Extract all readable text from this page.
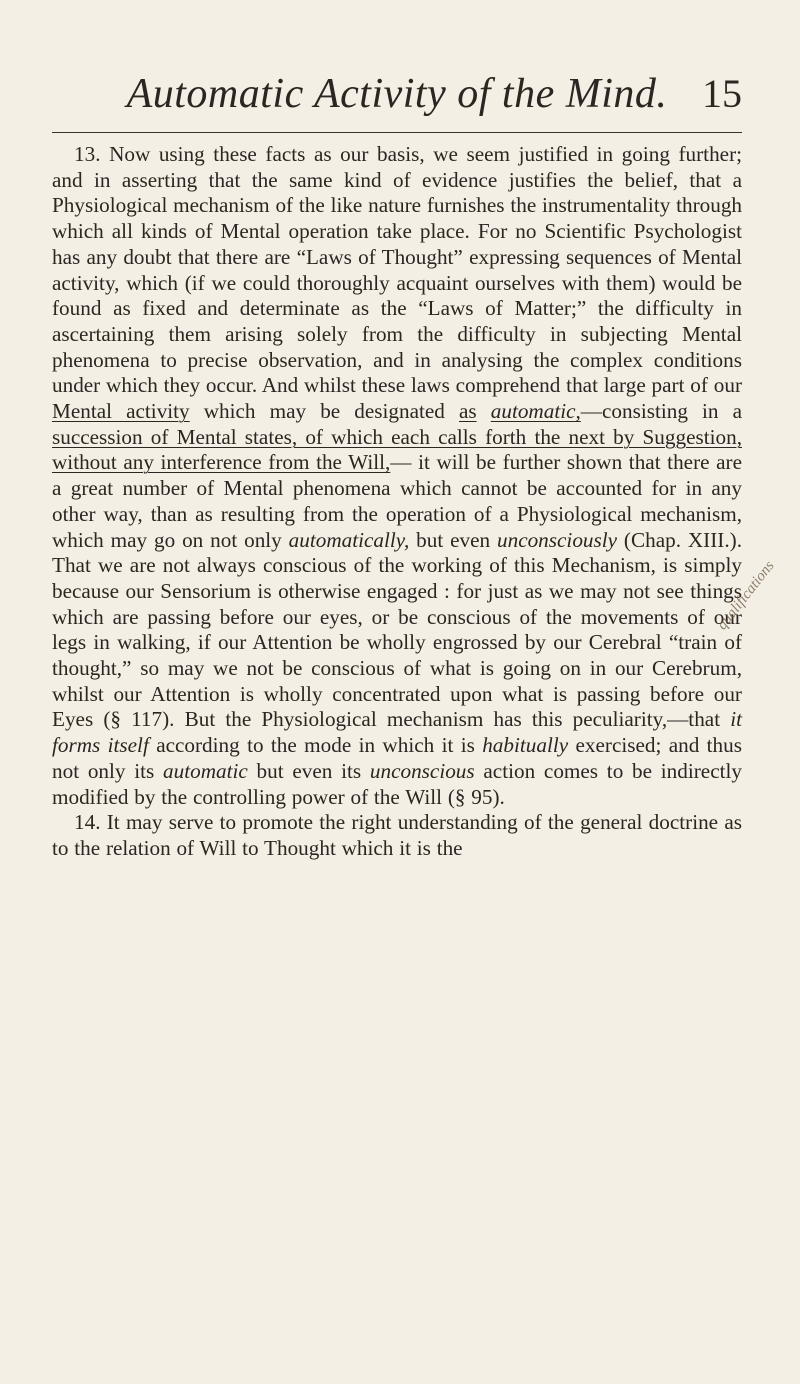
Automatic Activity of the Mind. 15

13. Now using these facts as our basis, we seem justified in going further; and in asserting that the same kind of evidence justifies the belief, that a Physiological mechanism of the like nature furnishes the instrumentality through which all kinds of Mental operation take place. For no Scientific Psychologist has any doubt that there are “Laws of Thought” expressing sequences of Mental activity, which (if we could thoroughly acquaint ourselves with them) would be found as fixed and determinate as the “Laws of Matter;” the difficulty in ascertaining them arising solely from the difficulty in subjecting Mental phenomena to precise observation, and in analysing the complex conditions under which they occur. And whilst these laws comprehend that large part of our Mental activity which may be designated as automatic,—consisting in a succession of Mental states, of which each calls forth the next by Suggestion, without any interference from the Will,— it will be further shown that there are a great number of Mental phenomena which cannot be accounted for in any other way, than as resulting from the operation of a Physiological mechanism, which may go on not only automatically, but even unconsciously (Chap. XIII.). That we are not always conscious of the working of this Mechanism, is simply because our Sensorium is otherwise engaged : for just as we may not see things which are passing before our eyes, or be conscious of the movements of our legs in walking, if our Attention be wholly engrossed by our Cerebral “train of thought,” so may we not be conscious of what is going on in our Cerebrum, whilst our Attention is wholly concentrated upon what is passing before our Eyes (§ 117). But the Physiological mechanism has this peculiarity,—that it forms itself according to the mode in which it is habitually exercised; and thus not only its automatic but even its unconscious action comes to be indirectly modified by the controlling power of the Will (§ 95).

14. It may serve to promote the right understanding of the general doctrine as to the relation of Will to Thought which it is the

qualifications
